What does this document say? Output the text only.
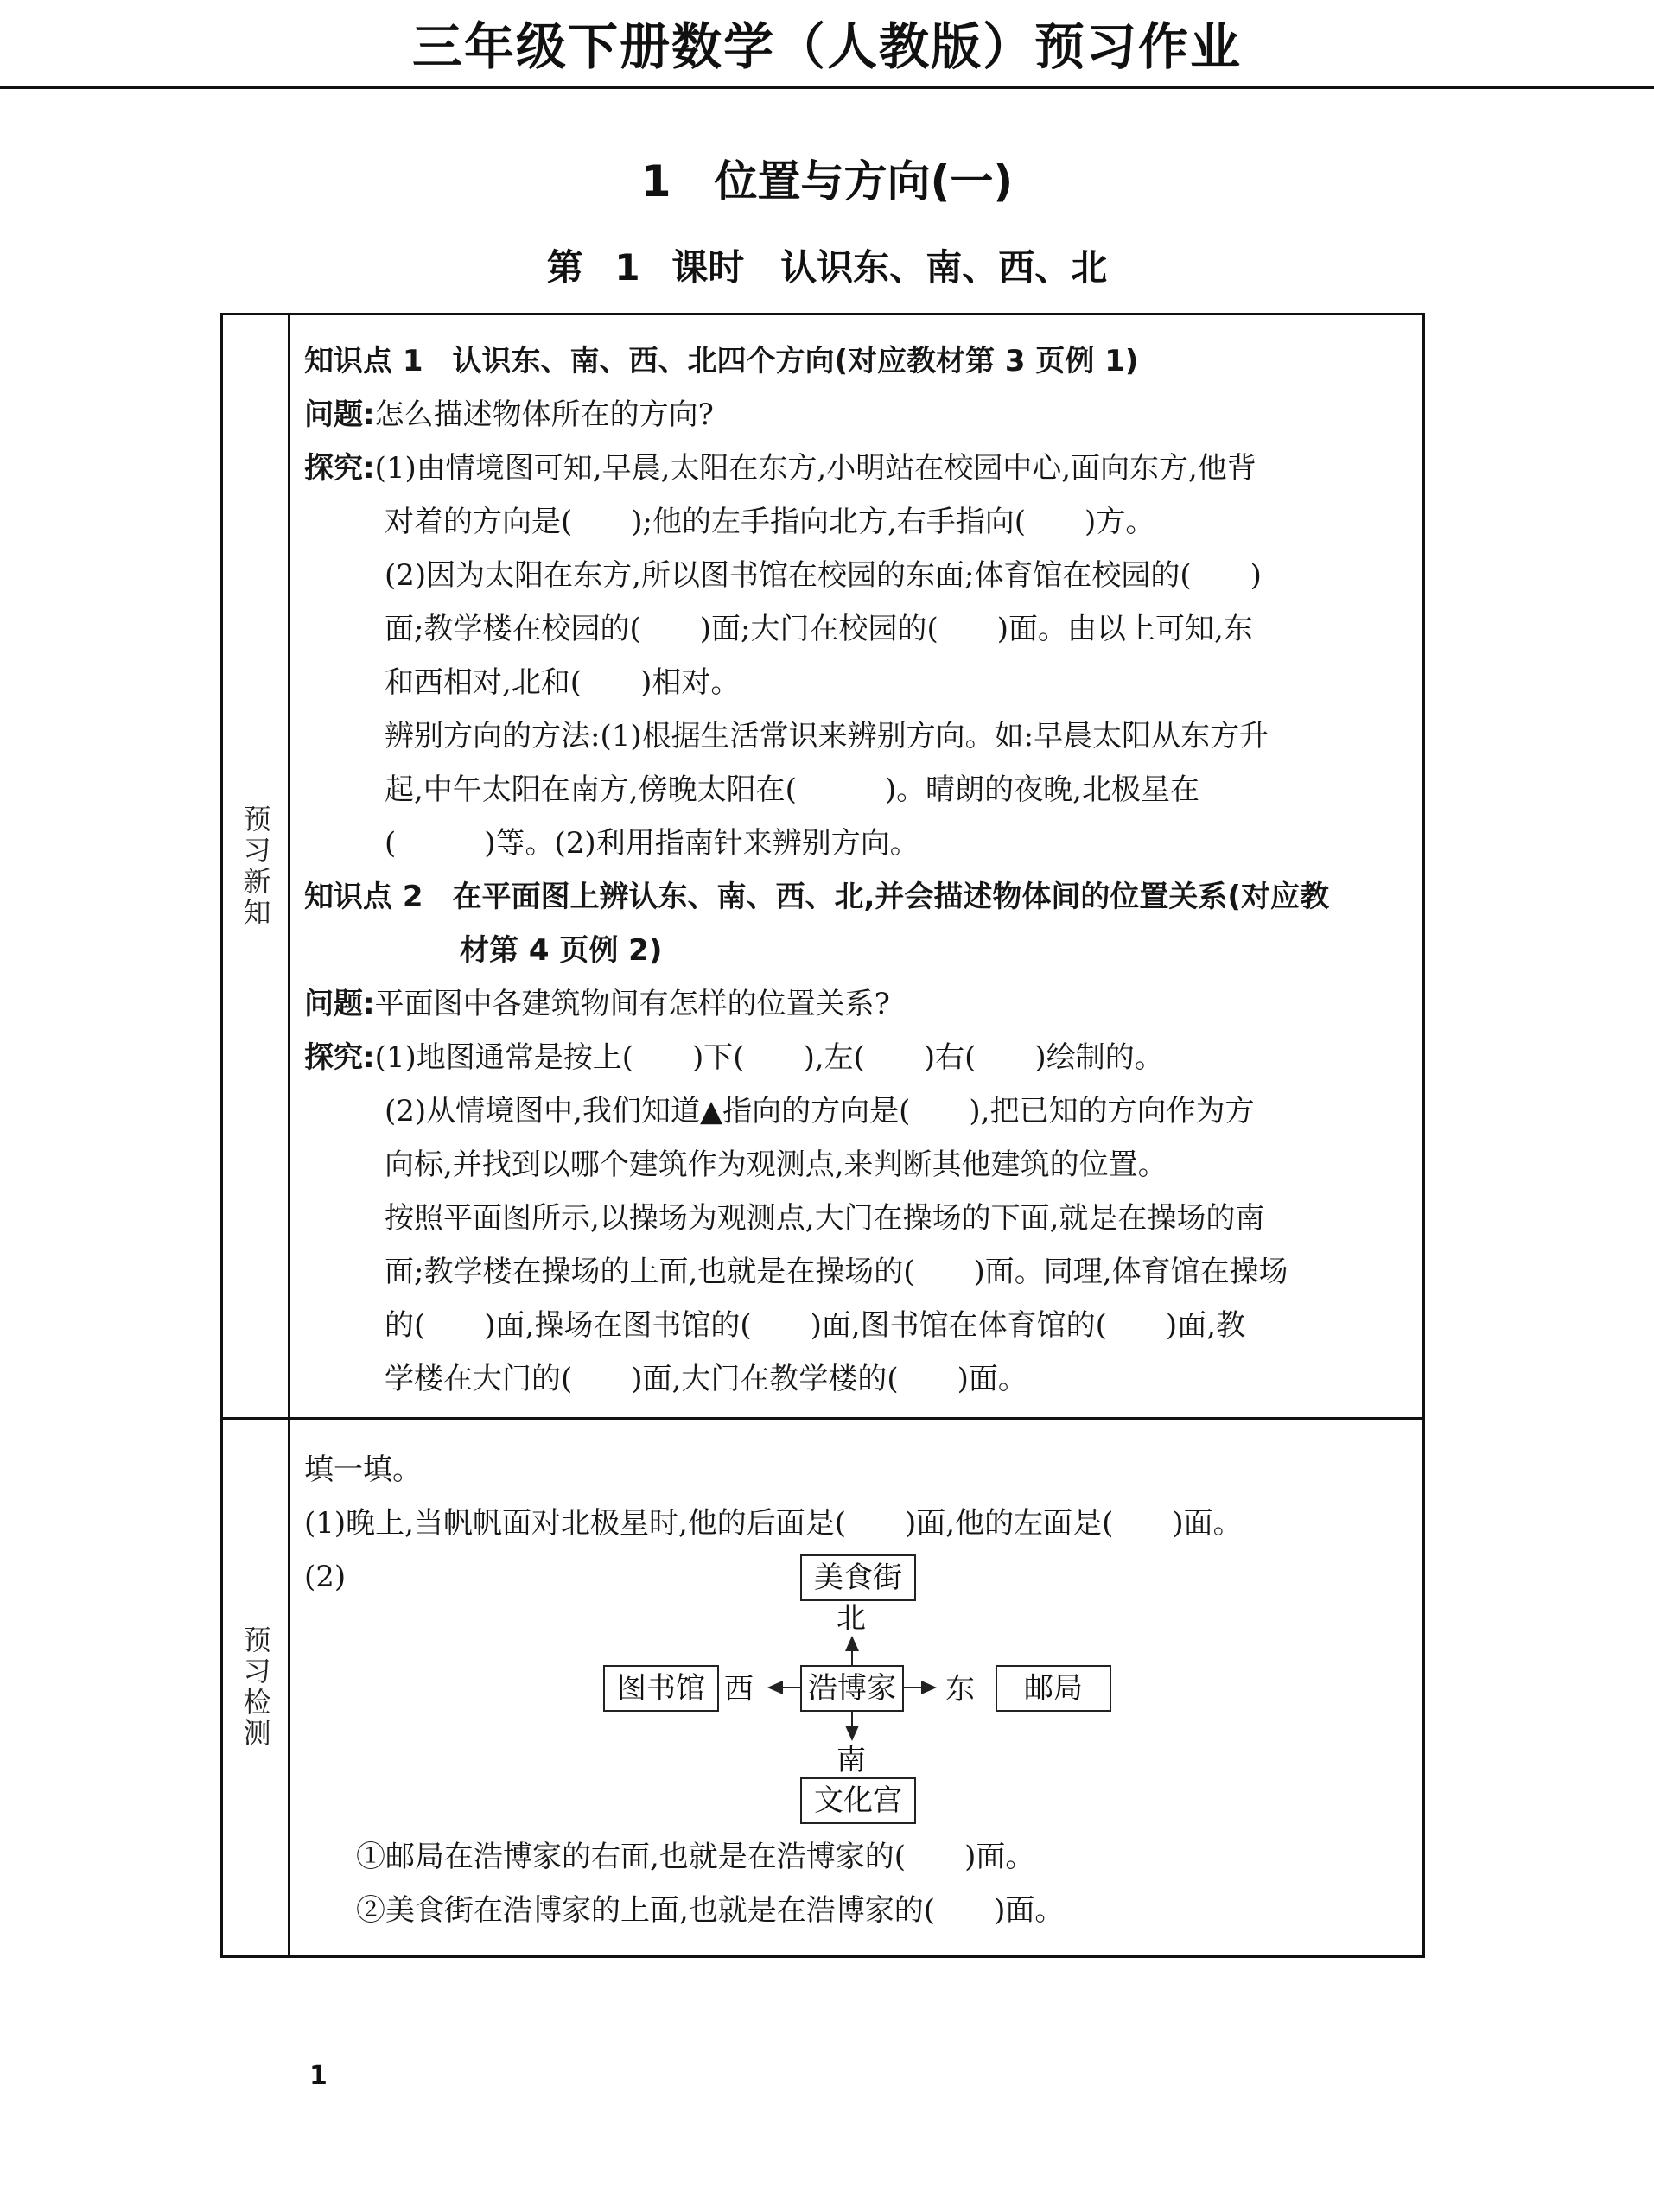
三年级下册数学（人教版）预习作业
1　位置与方向(一)
第 1 课时　认识东、南、西、北
预习新知
预习检测

知识点 1　认识东、南、西、北四个方向(对应教材第 3 页例 1)

问题:怎么描述物体所在的方向?

探究:(1)由情境图可知,早晨,太阳在东方,小明站在校园中心,面向东方,他背

对着的方向是(　　);他的左手指向北方,右手指向(　　)方。

(2)因为太阳在东方,所以图书馆在校园的东面;体育馆在校园的(　　)

面;教学楼在校园的(　　)面;大门在校园的(　　)面。由以上可知,东

和西相对,北和(　　)相对。

辨别方向的方法:(1)根据生活常识来辨别方向。如:早晨太阳从东方升

起,中午太阳在南方,傍晚太阳在(　　　)。晴朗的夜晚,北极星在

(　　　)等。(2)利用指南针来辨别方向。

知识点 2　在平面图上辨认东、南、西、北,并会描述物体间的位置关系(对应教

材第 4 页例 2)

问题:平面图中各建筑物间有怎样的位置关系?

探究:(1)地图通常是按上(　　)下(　　),左(　　)右(　　)绘制的。

(2)从情境图中,我们知道▲指向的方向是(　　),把已知的方向作为方

向标,并找到以哪个建筑作为观测点,来判断其他建筑的位置。

按照平面图所示,以操场为观测点,大门在操场的下面,就是在操场的南

面;教学楼在操场的上面,也就是在操场的(　　)面。同理,体育馆在操场

的(　　)面,操场在图书馆的(　　)面,图书馆在体育馆的(　　)面,教

学楼在大门的(　　)面,大门在教学楼的(　　)面。

填一填。

(1)晚上,当帆帆面对北极星时,他的后面是(　　)面,他的左面是(　　)面。

(2)	美食街
北
图书馆 西 浩博家 东	邮局
南
文化宫

①邮局在浩博家的右面,也就是在浩博家的(　　)面。

②美食街在浩博家的上面,也就是在浩博家的(　　)面。

1
